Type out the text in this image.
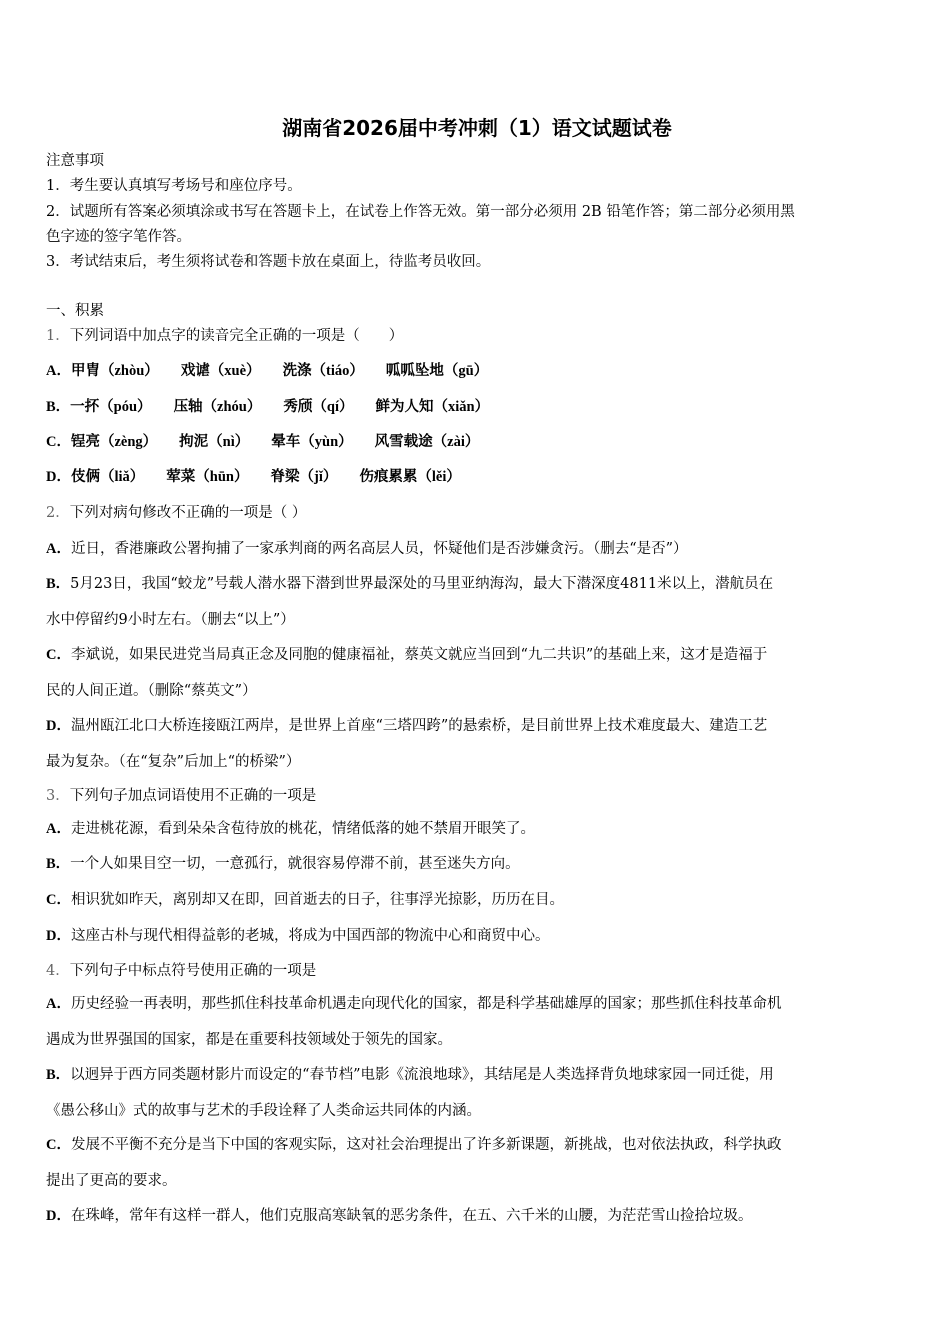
湖南省2026届中考冲刺（1）语文试题试卷
注意事项
1．考生要认真填写考场号和座位序号。
2．试题所有答案必须填涂或书写在答题卡上，在试卷上作答无效。第一部分必须用 2B 铅笔作答；第二部分必须用黑
色字迹的签字笔作答。
3．考试结束后，考生须将试卷和答题卡放在桌面上，待监考员收回。
一、积累
1．下列词语中加点字的读音完全正确的一项是（　　）
A．甲胄（zhòu） 戏谑（xuè） 洗涤（tiáo） 呱呱坠地（gū）
B．一抔（póu） 压轴（zhóu） 秀颀（qí） 鲜为人知（xiǎn）
C．锃亮（zèng） 拘泥（nì） 晕车（yùn） 风雪载途（zài）
D．伎俩（liǎ） 荤菜（hūn） 脊梁（jǐ） 伤痕累累（lěi）
2．下列对病句修改不正确的一项是（ ）
A．近日，香港廉政公署拘捕了一家承判商的两名高层人员，怀疑他们是否涉嫌贪污。（删去“是否”）
B．5月23日，我国“蛟龙”号载人潜水器下潜到世界最深处的马里亚纳海沟，最大下潜深度4811米以上，潜航员在
水中停留约9小时左右。（删去“以上”）
C．李斌说，如果民进党当局真正念及同胞的健康福祉，蔡英文就应当回到“九二共识”的基础上来，这才是造福于
民的人间正道。（删除“蔡英文”）
D．温州瓯江北口大桥连接瓯江两岸，是世界上首座“三塔四跨”的悬索桥，是目前世界上技术难度最大、建造工艺
最为复杂。（在“复杂”后加上“的桥梁”）
3．下列句子加点词语使用不正确的一项是
A．走进桃花源，看到朵朵含苞待放的桃花，情绪低落的她不禁眉开眼笑了。
B．一个人如果目空一切，一意孤行，就很容易停滞不前，甚至迷失方向。
C．相识犹如昨天，离别却又在即，回首逝去的日子，往事浮光掠影，历历在目。
D．这座古朴与现代相得益彰的老城，将成为中国西部的物流中心和商贸中心。
4．下列句子中标点符号使用正确的一项是
A．历史经验一再表明，那些抓住科技革命机遇走向现代化的国家，都是科学基础雄厚的国家；那些抓住科技革命机
遇成为世界强国的国家，都是在重要科技领域处于领先的国家。
B．以迥异于西方同类题材影片而设定的“春节档”电影《流浪地球》，其结尾是人类选择背负地球家园一同迁徙，用
《愚公移山》式的故事与艺术的手段诠释了人类命运共同体的内涵。
C．发展不平衡不充分是当下中国的客观实际，这对社会治理提出了许多新课题，新挑战，也对依法执政，科学执政
提出了更高的要求。
D．在珠峰，常年有这样一群人，他们克服高寒缺氧的恶劣条件，在五、六千米的山腰，为茫茫雪山捡拾垃圾。
